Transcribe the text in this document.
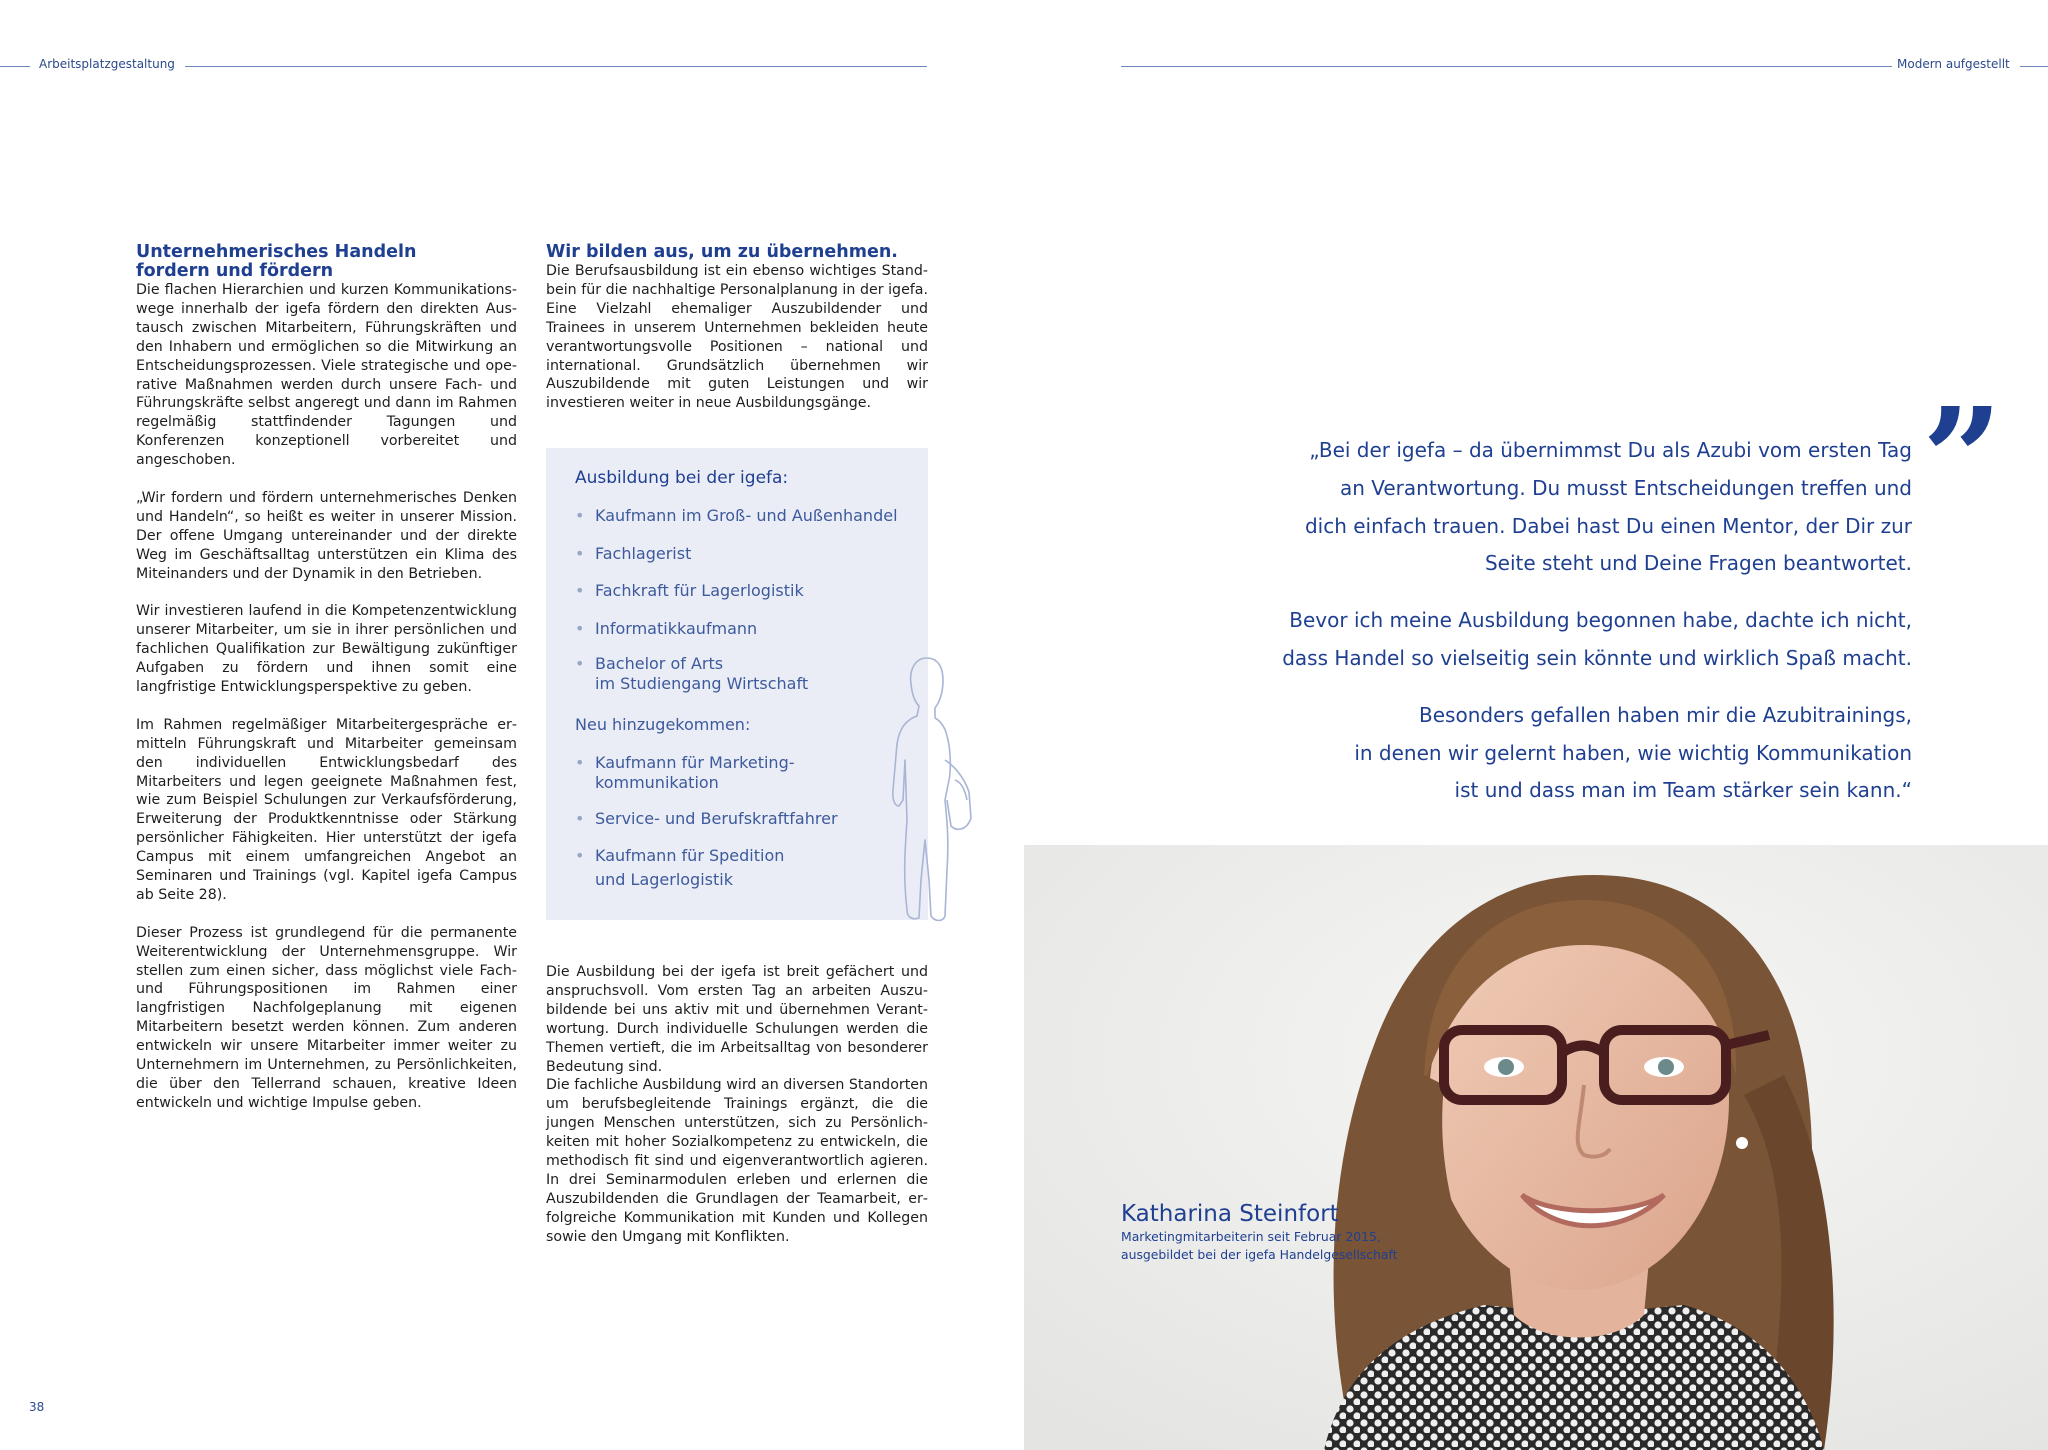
Arbeitsplatzgestaltung	Modern aufgestellt
Unternehmerisches Handeln
fordern und fördern

Die flachen Hierarchien und kurzen Kommunikationswege innerhalb der igefa fördern den direkten Austausch zwischen Mitarbeitern, Führungskräften und den Inhabern und ermöglichen so die Mitwirkung an Entscheidungsprozessen. Viele strategische und operative Maßnahmen werden durch unsere Fach- und Führungskräfte selbst angeregt und dann im Rahmen regelmäßig stattfindender Tagungen und Konferenzen konzeptionell vorbereitet und angeschoben.

„Wir fordern und fördern unternehmerisches Denken und Handeln“, so heißt es weiter in unserer Mission. Der offene Umgang untereinander und der direkte Weg im Geschäftsalltag unterstützen ein Klima des Miteinanders und der Dynamik in den Betrieben.

Wir investieren laufend in die Kompetenzentwicklung unserer Mitarbeiter, um sie in ihrer persönlichen und fachlichen Qualifikation zur Bewältigung zukünftiger Aufgaben zu fördern und ihnen somit eine langfristige Entwicklungsperspektive zu geben.

Im Rahmen regelmäßiger Mitarbeitergespräche ermitteln Führungskraft und Mitarbeiter gemeinsam den individuellen Entwicklungsbedarf des Mitarbeiters und legen geeignete Maßnahmen fest, wie zum Beispiel Schulungen zur Verkaufsförderung, Erweiterung der Produktkenntnisse oder Stärkung persönlicher Fähigkeiten. Hier unterstützt der igefa Campus mit einem umfangreichen Angebot an Seminaren und Trainings (vgl. Kapitel igefa Campus ab Seite 28).

Dieser Prozess ist grundlegend für die permanente Weiterentwicklung der Unternehmensgruppe. Wir stellen zum einen sicher, dass möglichst viele Fach- und Führungspositionen im Rahmen einer langfristigen Nachfolgeplanung mit eigenen Mitarbeitern besetzt werden können. Zum anderen entwickeln wir unsere Mitarbeiter immer weiter zu Unternehmern im Unternehmen, zu Persönlichkeiten, die über den Tellerrand schauen, kreative Ideen entwickeln und wichtige Impulse geben.

Wir bilden aus, um zu übernehmen.

Die Berufsausbildung ist ein ebenso wichtiges Standbein für die nachhaltige Personalplanung in der igefa. Eine Vielzahl ehemaliger Auszubildender und Trainees in unserem Unternehmen bekleiden heute verantwortungsvolle Positionen – national und international. Grundsätzlich übernehmen wir Auszubildende mit guten Leistungen und wir investieren weiter in neue Ausbildungsgänge.

Ausbildung bei der igefa:
• Kaufmann im Groß- und Außenhandel
• Fachlagerist
• Fachkraft für Lagerlogistik
• Informatikkaufmann
• Bachelor of Arts
im Studiengang Wirtschaft
Neu hinzugekommen:
• Kaufmann für Marketing-
kommunikation
• Service- und Berufskraftfahrer
• Kaufmann für Spedition
und Lagerlogistik

Die Ausbildung bei der igefa ist breit gefächert und anspruchsvoll. Vom ersten Tag an arbeiten Auszubildende bei uns aktiv mit und übernehmen Verantwortung. Durch individuelle Schulungen werden die Themen vertieft, die im Arbeitsalltag von besonderer Bedeutung sind.

Die fachliche Ausbildung wird an diversen Standorten um berufsbegleitende Trainings ergänzt, die die jungen Menschen unterstützen, sich zu Persönlichkeiten mit hoher Sozialkompetenz zu entwickeln, die methodisch fit sind und eigenverantwortlich agieren. In drei Seminarmodulen erleben und erlernen die Auszubildenden die Grundlagen der Teamarbeit, erfolgreiche Kommunikation mit Kunden und Kollegen sowie den Umgang mit Konflikten.

”

„Bei der igefa – da übernimmst Du als Azubi vom ersten Tag
an Verantwortung. Du musst Entscheidungen treffen und
dich einfach trauen. Dabei hast Du einen Mentor, der Dir zur
Seite steht und Deine Fragen beantwortet.

Bevor ich meine Ausbildung begonnen habe, dachte ich nicht,
dass Handel so vielseitig sein könnte und wirklich Spaß macht.

Besonders gefallen haben mir die Azubitrainings,
in denen wir gelernt haben, wie wichtig Kommunikation
ist und dass man im Team stärker sein kann.“

Katharina Steinfort
Marketingmitarbeiterin seit Februar 2015,
ausgebildet bei der igefa Handelgesellschaft
38	39
